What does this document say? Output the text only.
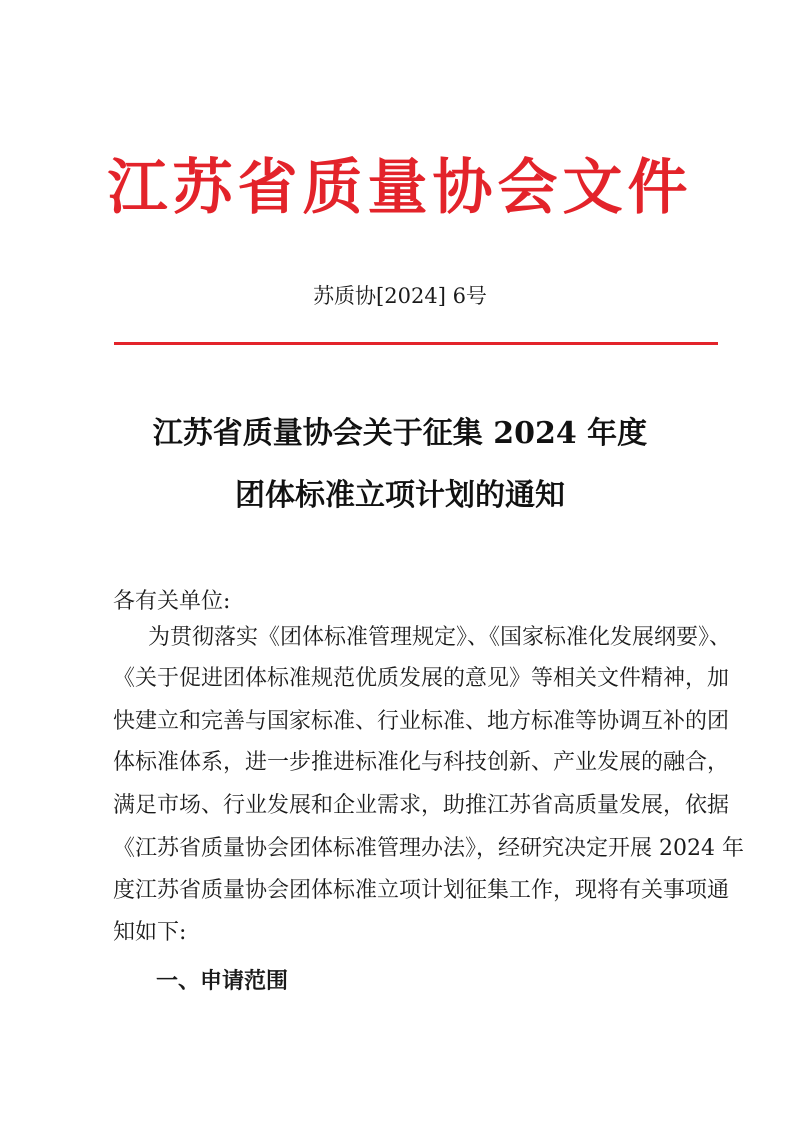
江苏省质量协会文件
苏质协[2024] 6号
江苏省质量协会关于征集 2024 年度
团体标准立项计划的通知
各有关单位:
为贯彻落实《团体标准管理规定》、《国家标准化发展纲要》、
《关于促进团体标准规范优质发展的意见》等相关文件精神，加
快建立和完善与国家标准、行业标准、地方标准等协调互补的团
体标准体系，进一步推进标准化与科技创新、产业发展的融合，
满足市场、行业发展和企业需求，助推江苏省高质量发展，依据
《江苏省质量协会团体标准管理办法》，经研究决定开展 2024 年
度江苏省质量协会团体标准立项计划征集工作，现将有关事项通
知如下:
一、申请范围
